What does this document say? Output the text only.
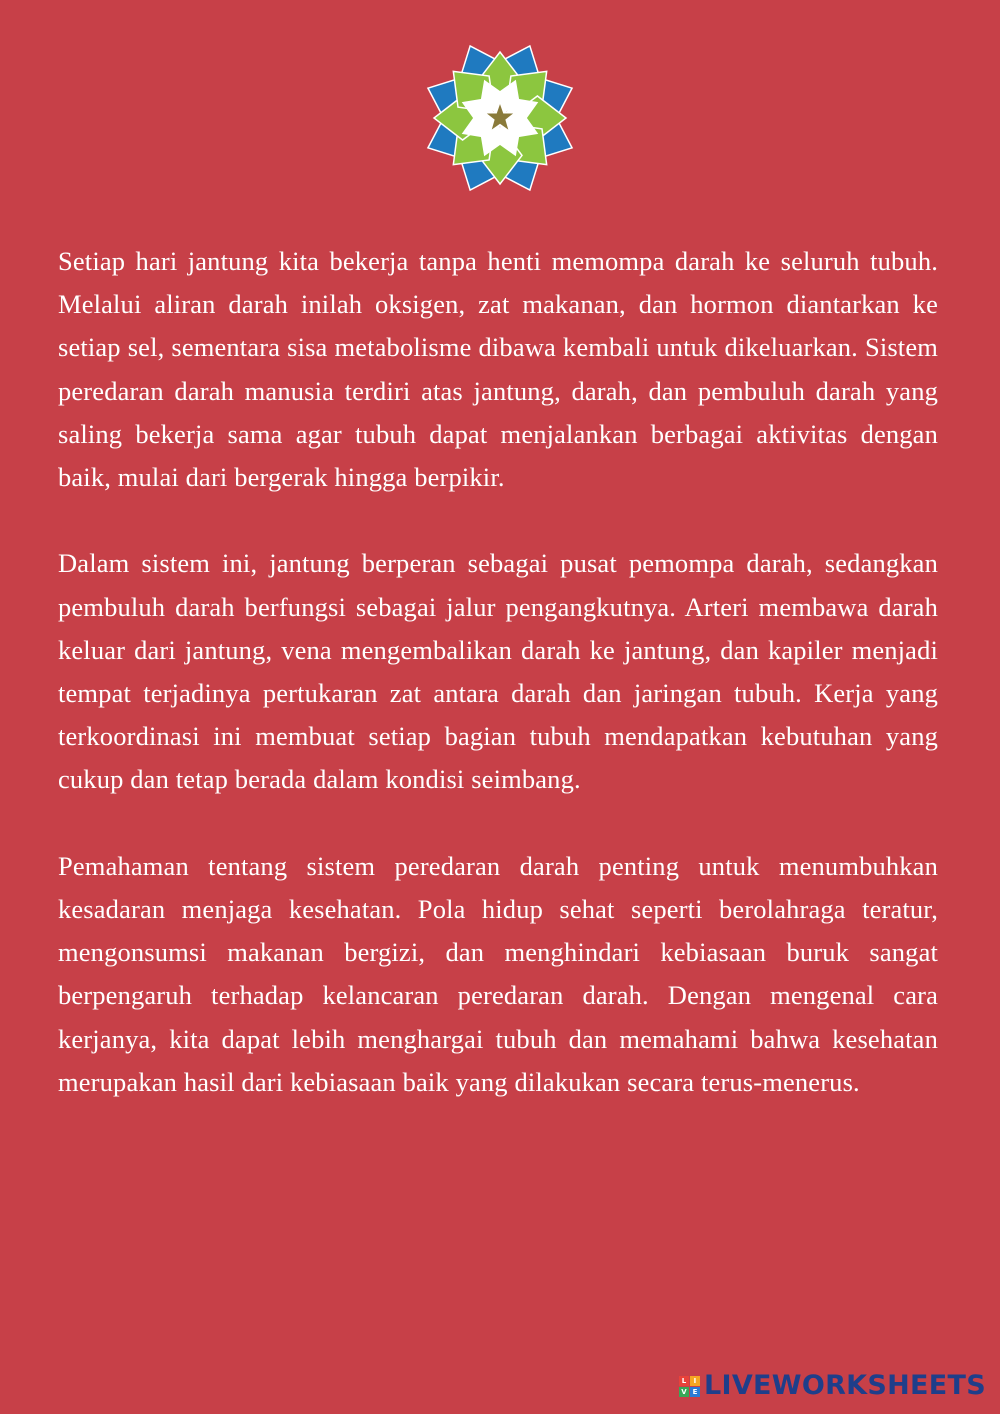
Setiap hari jantung kita bekerja tanpa henti memompa darah ke seluruh tubuh. Melalui aliran darah inilah oksigen, zat makanan, dan hormon diantarkan ke setiap sel, sementara sisa metabolisme dibawa kembali untuk dikeluarkan. Sistem peredaran darah manusia terdiri atas jantung, darah, dan pembuluh darah yang saling bekerja sama agar tubuh dapat menjalankan berbagai aktivitas dengan baik, mulai dari bergerak hingga berpikir.

Dalam sistem ini, jantung berperan sebagai pusat pemompa darah, sedangkan pembuluh darah berfungsi sebagai jalur pengangkutnya. Arteri membawa darah keluar dari jantung, vena mengembalikan darah ke jantung, dan kapiler menjadi tempat terjadinya pertukaran zat antara darah dan jaringan tubuh. Kerja yang terkoordinasi ini membuat setiap bagian tubuh mendapatkan kebutuhan yang cukup dan tetap berada dalam kondisi seimbang.

Pemahaman tentang sistem peredaran darah penting untuk menumbuhkan kesadaran menjaga kesehatan. Pola hidup sehat seperti berolahraga teratur, mengonsumsi makanan bergizi, dan menghindari kebiasaan buruk sangat berpengaruh terhadap kelancaran peredaran darah. Dengan mengenal cara kerjanya, kita dapat lebih menghargai tubuh dan memahami bahwa kesehatan merupakan hasil dari kebiasaan baik yang dilakukan secara terus-menerus.

L	I
V E LIVEWORKSHEETS
